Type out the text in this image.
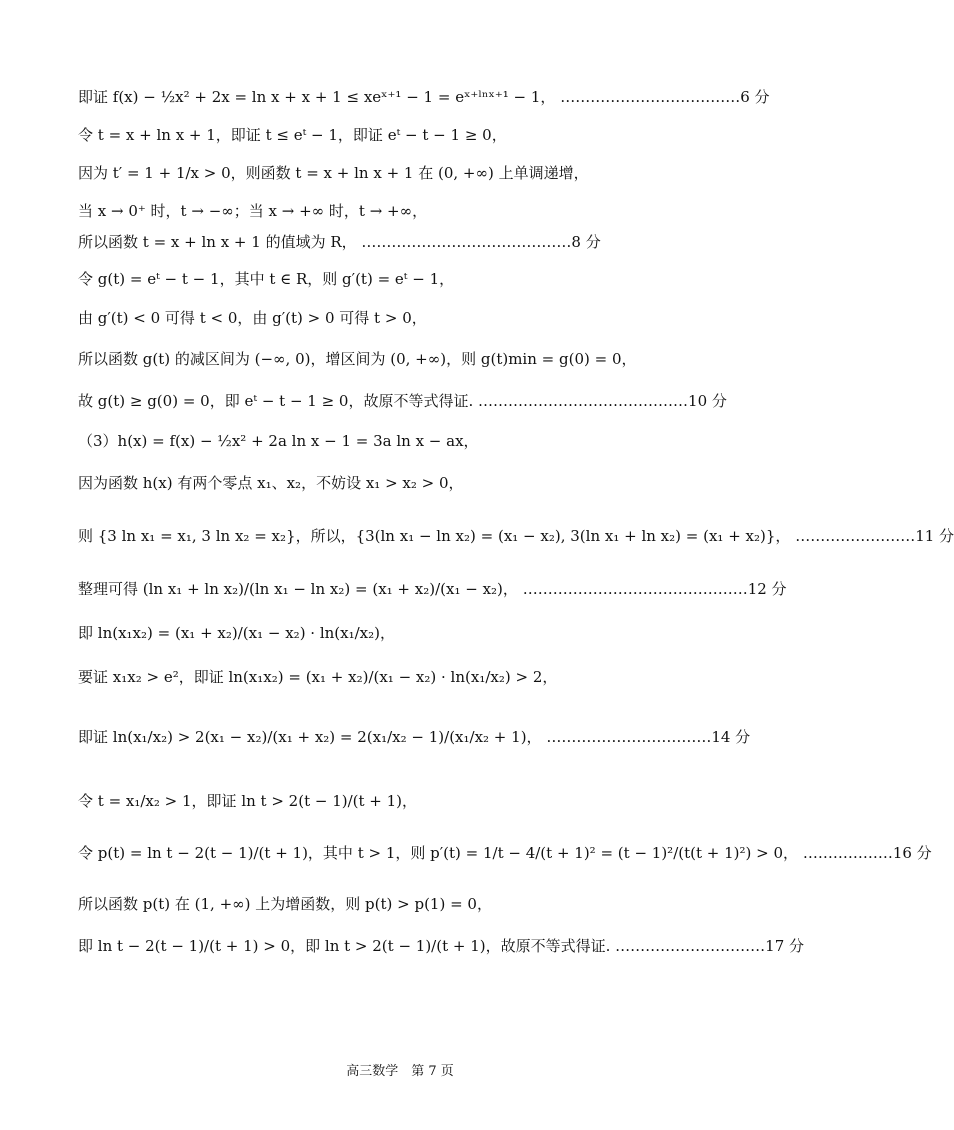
即证 f(x) − ½x² + 2x = ln x + x + 1 ≤ xeˣ⁺¹ − 1 = eˣ⁺ˡⁿˣ⁺¹ − 1， ………………………………6 分
令 t = x + ln x + 1，即证 t ≤ eᵗ − 1，即证 eᵗ − t − 1 ≥ 0，
因为 t′ = 1 + 1/x > 0，则函数 t = x + ln x + 1 在 (0, +∞) 上单调递增，
当 x → 0⁺ 时，t → −∞；当 x → +∞ 时，t → +∞，
所以函数 t = x + ln x + 1 的值域为 R， ……………………………………8 分
令 g(t) = eᵗ − t − 1，其中 t ∈ R，则 g′(t) = eᵗ − 1，
由 g′(t) < 0 可得 t < 0，由 g′(t) > 0 可得 t > 0，
所以函数 g(t) 的减区间为 (−∞, 0)，增区间为 (0, +∞)，则 g(t)min = g(0) = 0，
故 g(t) ≥ g(0) = 0，即 eᵗ − t − 1 ≥ 0，故原不等式得证. ……………………………………10 分
（3）h(x) = f(x) − ½x² + 2a ln x − 1 = 3a ln x − ax，
因为函数 h(x) 有两个零点 x₁、x₂，不妨设 x₁ > x₂ > 0，
则 {3 ln x₁ = x₁, 3 ln x₂ = x₂}，所以，{3(ln x₁ − ln x₂) = (x₁ − x₂), 3(ln x₁ + ln x₂) = (x₁ + x₂)}， ……………………11 分
整理可得 (ln x₁ + ln x₂)/(ln x₁ − ln x₂) = (x₁ + x₂)/(x₁ − x₂)， ………………………………………12 分
即 ln(x₁x₂) = (x₁ + x₂)/(x₁ − x₂) · ln(x₁/x₂)，
要证 x₁x₂ > e²，即证 ln(x₁x₂) = (x₁ + x₂)/(x₁ − x₂) · ln(x₁/x₂) > 2，
即证 ln(x₁/x₂) > 2(x₁ − x₂)/(x₁ + x₂) = 2(x₁/x₂ − 1)/(x₁/x₂ + 1)， ……………………………14 分
令 t = x₁/x₂ > 1，即证 ln t > 2(t − 1)/(t + 1)，
令 p(t) = ln t − 2(t − 1)/(t + 1)，其中 t > 1，则 p′(t) = 1/t − 4/(t + 1)² = (t − 1)²/(t(t + 1)²) > 0， ………………16 分
所以函数 p(t) 在 (1, +∞) 上为增函数，则 p(t) > p(1) = 0，
即 ln t − 2(t − 1)/(t + 1) > 0，即 ln t > 2(t − 1)/(t + 1)，故原不等式得证. …………………………17 分
高三数学　第 7 页
